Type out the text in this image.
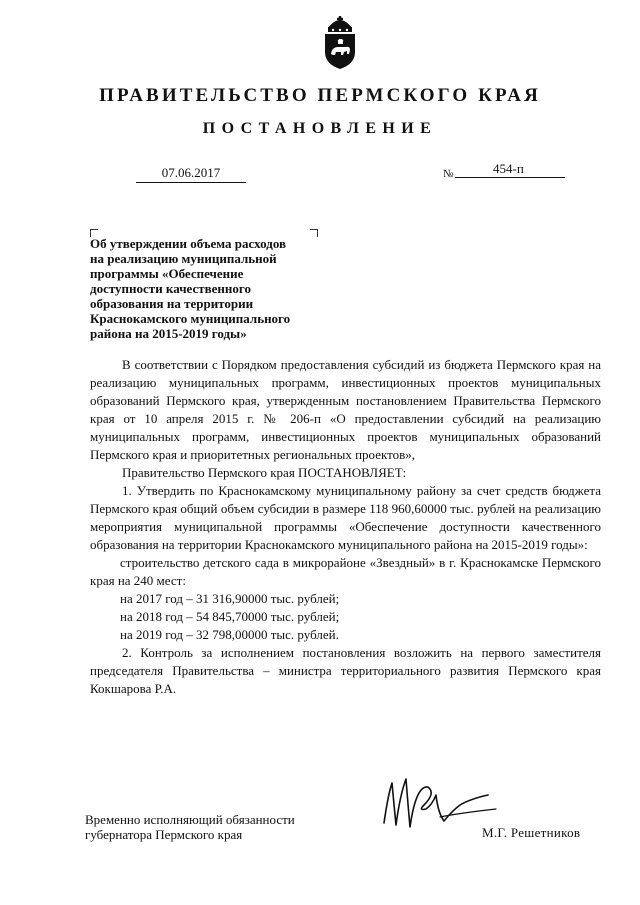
ПРАВИТЕЛЬСТВО ПЕРМСКОГО КРАЯ
ПОСТАНОВЛЕНИЕ
07.06.2017	№	454-п
Об утверждении объема расходов
на реализацию муниципальной
программы «Обеспечение
доступности качественного
образования на территории
Краснокамского муниципального
района на 2015-2019 годы»

В соответствии с Порядком предоставления субсидий из бюджета Пермского края на реализацию муниципальных программ, инвестиционных проектов муниципальных образований Пермского края, утвержденным постановлением Правительства Пермского края от 10 апреля 2015 г. № 206-п «О предоставлении субсидий на реализацию муниципальных программ, инвестиционных проектов муниципальных образований Пермского края и приоритетных региональных проектов»,

Правительство Пермского края ПОСТАНОВЛЯЕТ:

1. Утвердить по Краснокамскому муниципальному району за счет средств бюджета Пермского края общий объем субсидии в размере 118 960,60000 тыс. рублей на реализацию мероприятия муниципальной программы «Обеспечение доступности качественного образования на территории Краснокамского муниципального района на 2015-2019 годы»:

строительство детского сада в микрорайоне «Звездный» в г. Краснокамске Пермского края на 240 мест:

на 2017 год – 31 316,90000 тыс. рублей;

на 2018 год – 54 845,70000 тыс. рублей;

на 2019 год – 32 798,00000 тыс. рублей.

2. Контроль за исполнением постановления возложить на первого заместителя председателя Правительства – министра территориального развития Пермского края Кокшарова Р.А.

Временно исполняющий обязанности
губернатора Пермского края	М.Г. Решетников
